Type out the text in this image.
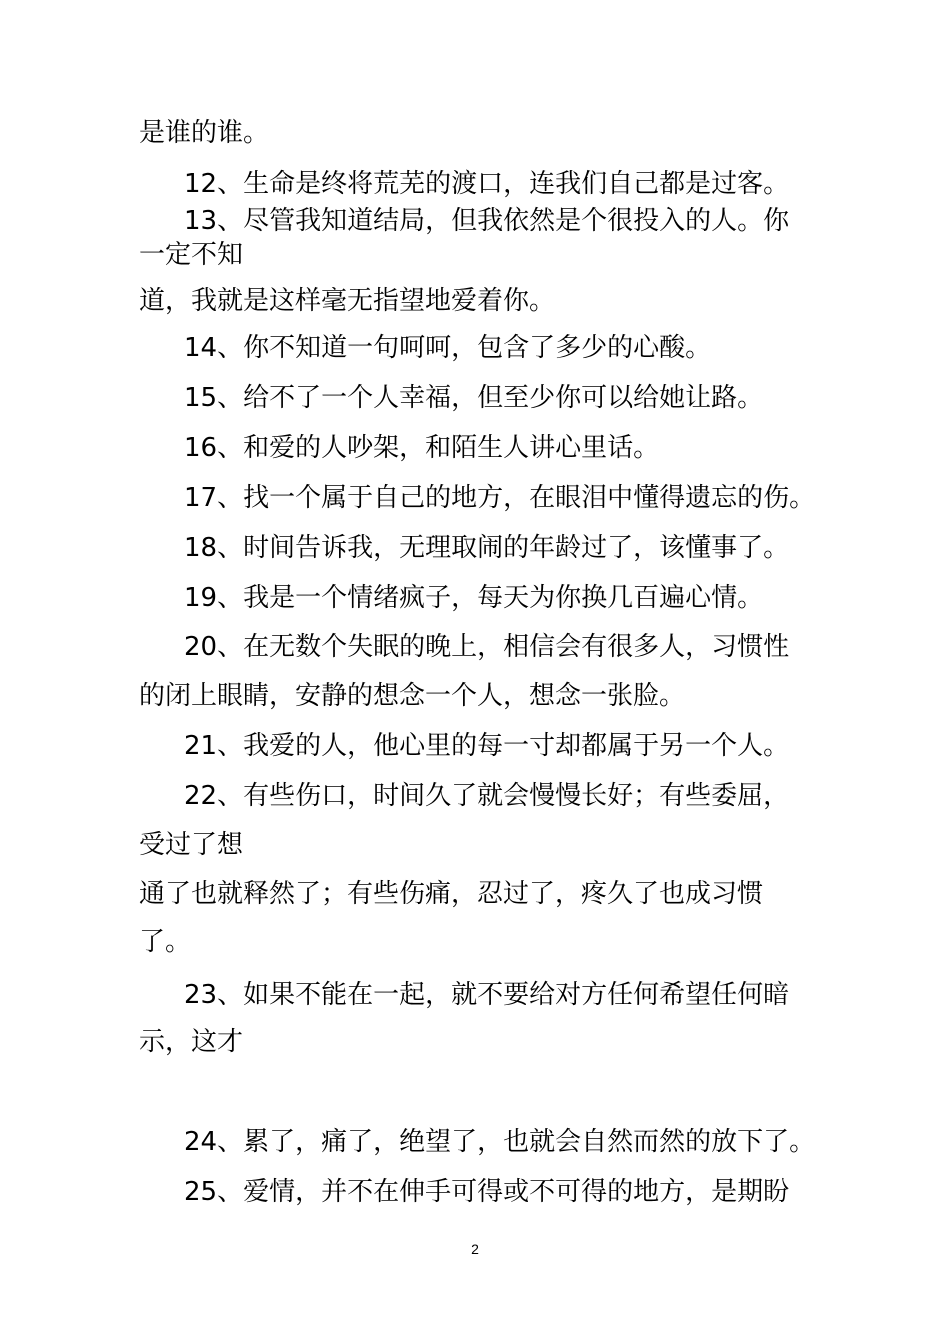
是谁的谁。
12、生命是终将荒芜的渡口，连我们自己都是过客。
13、尽管我知道结局，但我依然是个很投入的人。你
一定不知
道，我就是这样毫无指望地爱着你。
14、你不知道一句呵呵，包含了多少的心酸。
15、给不了一个人幸福，但至少你可以给她让路。
16、和爱的人吵架，和陌生人讲心里话。
17、找一个属于自己的地方，在眼泪中懂得遗忘的伤。
18、时间告诉我，无理取闹的年龄过了，该懂事了。
19、我是一个情绪疯子，每天为你换几百遍心情。
20、在无数个失眠的晚上，相信会有很多人，习惯性
的闭上眼睛，安静的想念一个人，想念一张脸。
21、我爱的人，他心里的每一寸却都属于另一个人。
22、有些伤口，时间久了就会慢慢长好；有些委屈，
受过了想
通了也就释然了；有些伤痛，忍过了，疼久了也成习惯
了。
23、如果不能在一起，就不要给对方任何希望任何暗
示，这才
24、累了，痛了，绝望了，也就会自然而然的放下了。
25、爱情，并不在伸手可得或不可得的地方，是期盼
2
